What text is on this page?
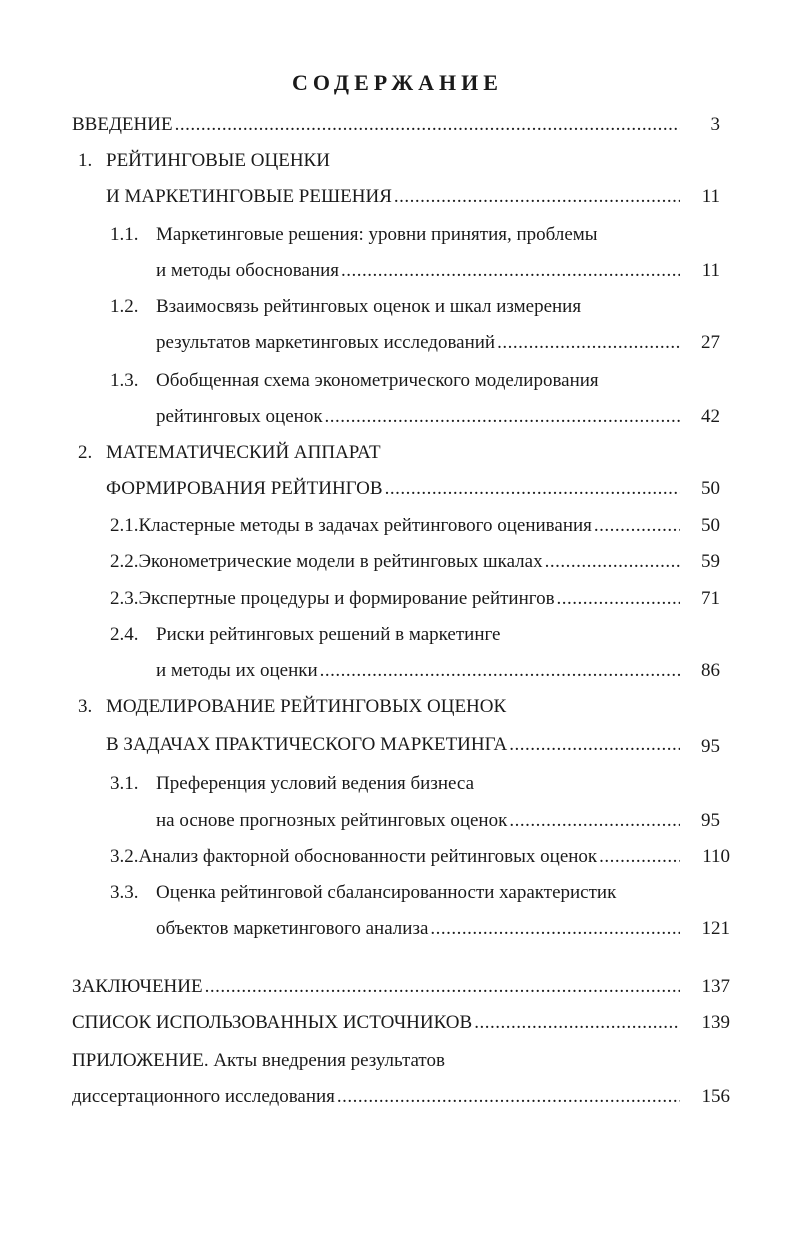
СОДЕРЖАНИЕ
ВВЕДЕНИЕ .....	3
1. РЕЙТИНГОВЫЕ ОЦЕНКИ
И МАРКЕТИНГОВЫЕ РЕШЕНИЯ .....	11
1.1. Маркетинговые решения: уровни принятия, проблемы
и методы обоснования .....	11
1.2. Взаимосвязь рейтинговых оценок и шкал измерения
результатов маркетинговых исследований .....	27
1.3. Обобщенная схема эконометрического моделирования
рейтинговых оценок .....	42
2. МАТЕМАТИЧЕСКИЙ АППАРАТ
ФОРМИРОВАНИЯ РЕЙТИНГОВ .....	50
2.1. Кластерные методы в задачах рейтингового оценивания .....	50
2.2. Эконометрические модели в рейтинговых шкалах .....	59
2.3. Экспертные процедуры и формирование рейтингов .....	71
2.4. Риски рейтинговых решений в маркетинге
и методы их оценки .....	86
3. МОДЕЛИРОВАНИЕ РЕЙТИНГОВЫХ ОЦЕНОК
В ЗАДАЧАХ ПРАКТИЧЕСКОГО МАРКЕТИНГА .....	95
3.1. Преференция условий ведения бизнеса
на основе прогнозных рейтинговых оценок .....	95
3.2. Анализ факторной обоснованности рейтинговых оценок .....	110
3.3. Оценка рейтинговой сбалансированности характеристик
объектов маркетингового анализа .....	121
ЗАКЛЮЧЕНИЕ .....	137
СПИСОК ИСПОЛЬЗОВАННЫХ ИСТОЧНИКОВ .....	139
ПРИЛОЖЕНИЕ. Акты внедрения результатов
диссертационного исследования .....	156
